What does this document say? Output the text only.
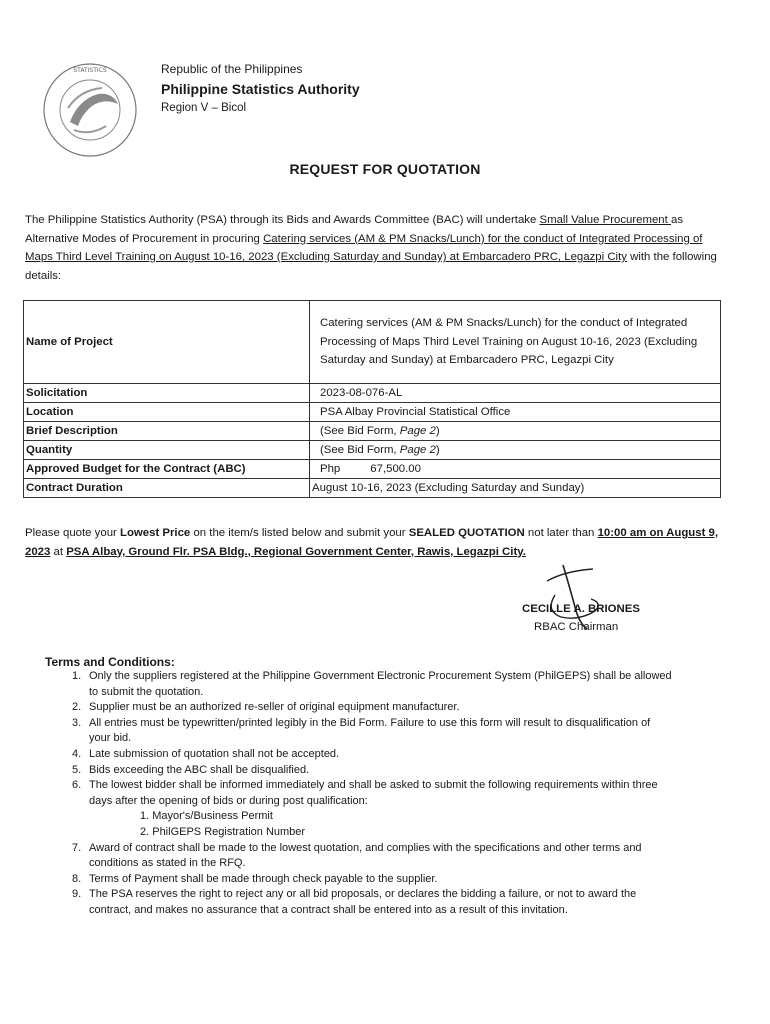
STATISTICS	Republic of the Philippines
Philippine Statistics Authority
Region V – Bicol
REQUEST FOR QUOTATION
The Philippine Statistics Authority (PSA) through its Bids and Awards Committee (BAC) will undertake Small Value Procurement as Alternative Modes of Procurement in procuring Catering services (AM & PM Snacks/Lunch) for the conduct of Integrated Processing of Maps Third Level Training on August 10-16, 2023 (Excluding Saturday and Sunday) at Embarcadero PRC, Legazpi City with the following details:
Name of Project	Catering services (AM & PM Snacks/Lunch) for the conduct of Integrated Processing of Maps Third Level Training on August 10-16, 2023 (Excluding Saturday and Sunday) at Embarcadero PRC, Legazpi City
Solicitation	2023-08-076-AL
Location	PSA Albay Provincial Statistical Office
Brief Description	(See Bid Form, Page 2)
Quantity	(See Bid Form, Page 2)
Approved Budget for the Contract (ABC)	Php 67,500.00
Contract Duration	August 10-16, 2023 (Excluding Saturday and Sunday)
Please quote your Lowest Price on the item/s listed below and submit your SEALED QUOTATION not later than 10:00 am on August 9, 2023 at PSA Albay, Ground Flr. PSA Bldg., Regional Government Center, Rawis, Legazpi City.
CECILLE A. BRIONES
RBAC Chairman
Terms and Conditions:
1. Only the suppliers registered at the Philippine Government Electronic Procurement System (PhilGEPS) shall be allowed to submit the quotation.
2. Supplier must be an authorized re-seller of original equipment manufacturer.
3. All entries must be typewritten/printed legibly in the Bid Form. Failure to use this form will result to disqualification of your bid.
4. Late submission of quotation shall not be accepted.
5. Bids exceeding the ABC shall be disqualified.
6. The lowest bidder shall be informed immediately and shall be asked to submit the following requirements within three days after the opening of bids or during post qualification:
1. Mayor's/Business Permit
2. PhilGEPS Registration Number
7. Award of contract shall be made to the lowest quotation, and complies with the specifications and other terms and conditions as stated in the RFQ.
8. Terms of Payment shall be made through check payable to the supplier.
9. The PSA reserves the right to reject any or all bid proposals, or declares the bidding a failure, or not to award the contract, and makes no assurance that a contract shall be entered into as a result of this invitation.
